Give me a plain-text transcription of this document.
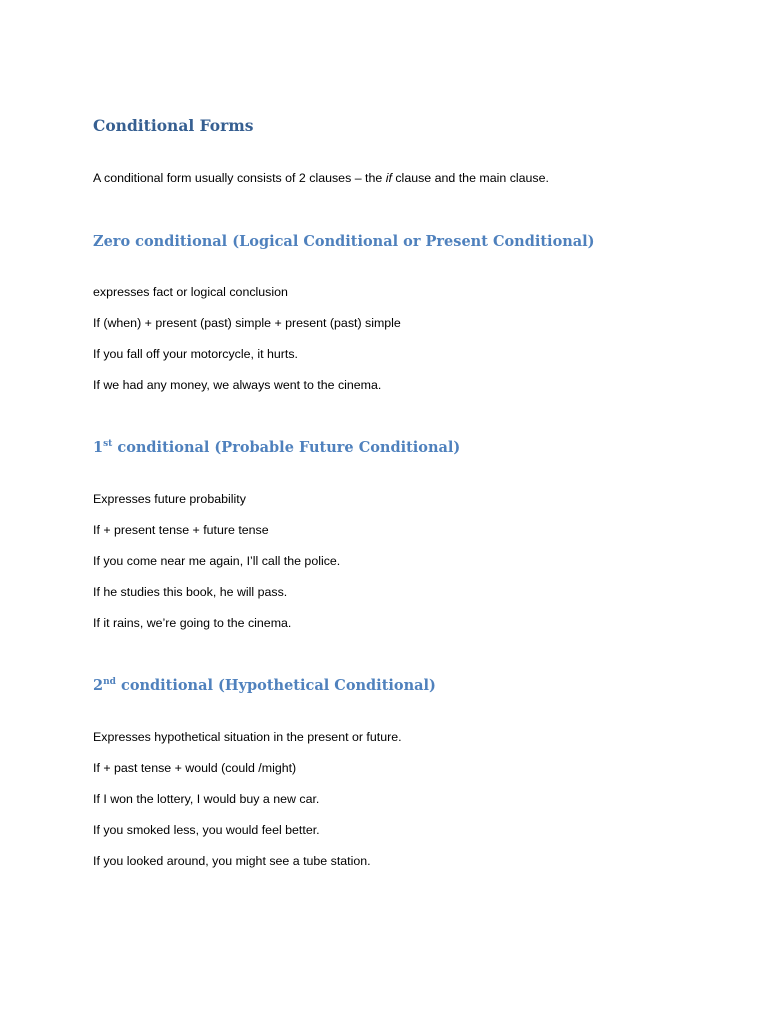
Conditional Forms

A conditional form usually consists of 2 clauses – the if clause and the main clause.

Zero conditional (Logical Conditional or Present Conditional)

expresses fact or logical conclusion

If (when) + present (past) simple + present (past) simple

If you fall off your motorcycle, it hurts.

If we had any money, we always went to the cinema.

1st conditional (Probable Future Conditional)

Expresses future probability

If + present tense + future tense

If you come near me again, I’ll call the police.

If he studies this book, he will pass.

If it rains, we’re going to the cinema.

2nd conditional (Hypothetical Conditional)

Expresses hypothetical situation in the present or future.

If + past tense + would (could /might)

If I won the lottery, I would buy a new car.

If you smoked less, you would feel better.

If you looked around, you might see a tube station.
